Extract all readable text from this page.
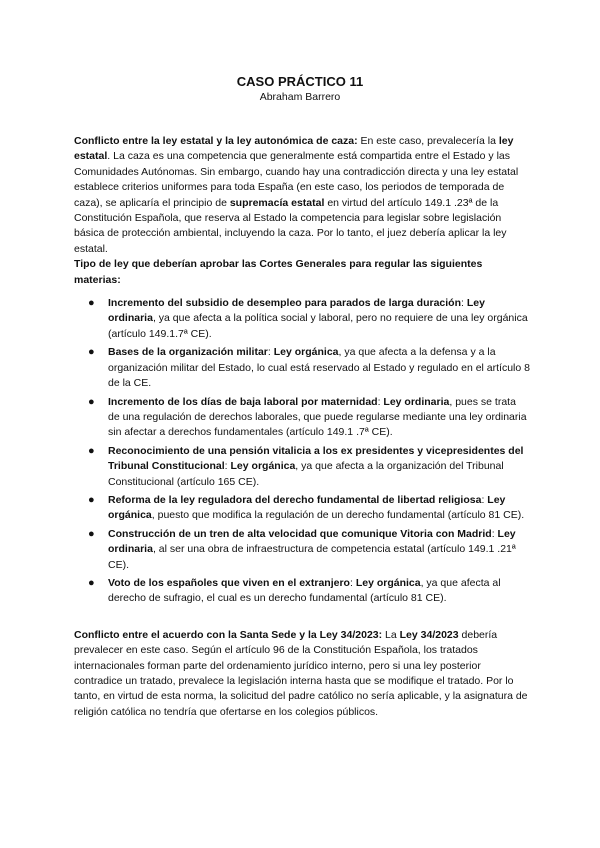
CASO PRÁCTICO 11
Abraham Barrero

Conflicto entre la ley estatal y la ley autonómica de caza: En este caso, prevalecería la ley estatal. La caza es una competencia que generalmente está compartida entre el Estado y las Comunidades Autónomas. Sin embargo, cuando hay una contradicción directa y una ley estatal establece criterios uniformes para toda España (en este caso, los periodos de temporada de caza), se aplicaría el principio de supremacía estatal en virtud del artículo 149.1 .23ª de la Constitución Española, que reserva al Estado la competencia para legislar sobre legislación básica de protección ambiental, incluyendo la caza. Por lo tanto, el juez debería aplicar la ley estatal.

Tipo de ley que deberían aprobar las Cortes Generales para regular las siguientes materias:

● Incremento del subsidio de desempleo para parados de larga duración: Ley ordinaria, ya que afecta a la política social y laboral, pero no requiere de una ley orgánica (artículo 149.1.7ª CE).
● Bases de la organización militar: Ley orgánica, ya que afecta a la defensa y a la organización militar del Estado, lo cual está reservado al Estado y regulado en el artículo 8 de la CE.
● Incremento de los días de baja laboral por maternidad: Ley ordinaria, pues se trata de una regulación de derechos laborales, que puede regularse mediante una ley ordinaria sin afectar a derechos fundamentales (artículo 149.1 .7ª CE).
● Reconocimiento de una pensión vitalicia a los ex presidentes y vicepresidentes del Tribunal Constitucional: Ley orgánica, ya que afecta a la organización del Tribunal Constitucional (artículo 165 CE).
● Reforma de la ley reguladora del derecho fundamental de libertad religiosa: Ley orgánica, puesto que modifica la regulación de un derecho fundamental (artículo 81 CE).
● Construcción de un tren de alta velocidad que comunique Vitoria con Madrid: Ley ordinaria, al ser una obra de infraestructura de competencia estatal (artículo 149.1 .21ª CE).
● Voto de los españoles que viven en el extranjero: Ley orgánica, ya que afecta al derecho de sufragio, el cual es un derecho fundamental (artículo 81 CE).

Conflicto entre el acuerdo con la Santa Sede y la Ley 34/2023: La Ley 34/2023 debería prevalecer en este caso. Según el artículo 96 de la Constitución Española, los tratados internacionales forman parte del ordenamiento jurídico interno, pero si una ley posterior contradice un tratado, prevalece la legislación interna hasta que se modifique el tratado. Por lo tanto, en virtud de esta norma, la solicitud del padre católico no sería aplicable, y la asignatura de religión católica no tendría que ofertarse en los colegios públicos.
